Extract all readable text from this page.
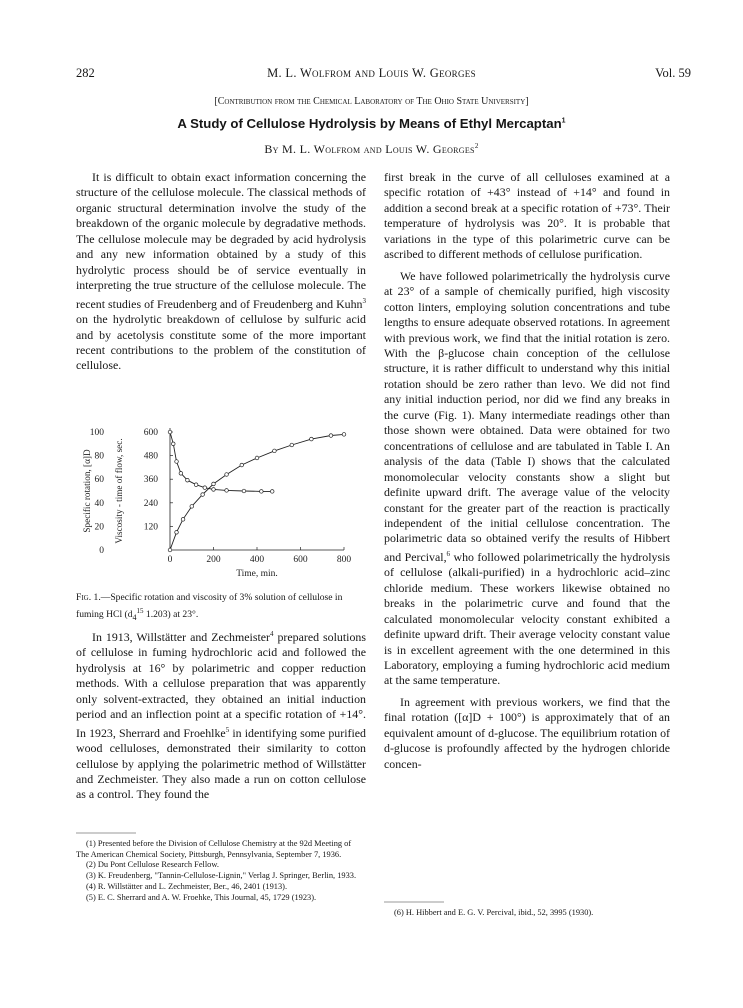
282	M. L. Wolfrom and Louis W. Georges	Vol. 59
[Contribution from the Chemical Laboratory of The Ohio State University]
A Study of Cellulose Hydrolysis by Means of Ethyl Mercaptan$^1$
By M. L. Wolfrom and Louis W. Georges$^2$

It is difficult to obtain exact information concerning the structure of the cellulose molecule. The classical methods of organic structural determination involve the study of the breakdown of the organic molecule by degradative methods. The cellulose molecule may be degraded by acid hydrolysis and any new information obtained by a study of this hydrolytic process should be of service eventually in interpreting the true structure of the cellulose molecule. The recent studies of Freudenberg and of Freudenberg and Kuhn$^3$ on the hydrolytic breakdown of cellulose by sulfuric acid and by acetolysis constitute some of the more important recent contributions to the problem of the constitution of cellulose.

0	200	400	600	800
100
80
60
40
20
0
600
480
360
240
120
Time, min.
Specific rotation, [α]D Viscosity - time of flow, sec.
Fig. 1.—Specific rotation and viscosity of 3% solution of cellulose in fuming HCl ($d_4^{15}$ 1.203) at 23°.

In 1913, Willstätter and Zechmeister$^4$ prepared solutions of cellulose in fuming hydrochloric acid and followed the hydrolysis at 16° by polarimetric and copper reduction methods. With a cellulose preparation that was apparently only solvent-extracted, they obtained an initial induction period and an inflection point at a specific rotation of +14°. In 1923, Sherrard and Froehlke$^5$ in identifying some purified wood celluloses, demonstrated their similarity to cotton cellulose by applying the polarimetric method of Willstätter and Zechmeister. They also made a run on cotton cellulose as a control. They found the

(1) Presented before the Division of Cellulose Chemistry at the 92d Meeting of The American Chemical Society, Pittsburgh, Pennsylvania, September 7, 1936.

(2) Du Pont Cellulose Research Fellow.

(3) K. Freudenberg, "Tannin-Cellulose-Lignin," Verlag J. Springer, Berlin, 1933.

(4) R. Willstätter and L. Zechmeister, Ber., 46, 2401 (1913).

(5) E. C. Sherrard and A. W. Froehke, This Journal, 45, 1729 (1923).

first break in the curve of all celluloses examined at a specific rotation of +43° instead of +14° and found in addition a second break at a specific rotation of +73°. Their temperature of hydrolysis was 20°. It is probable that variations in the type of this polarimetric curve can be ascribed to different methods of cellulose purification.

We have followed polarimetrically the hydrolysis curve at 23° of a sample of chemically purified, high viscosity cotton linters, employing solution concentrations and tube lengths to ensure adequate observed rotations. In agreement with previous work, we find that the initial rotation is zero. With the β-glucose chain conception of the cellulose structure, it is rather difficult to understand why this initial rotation should be zero rather than levo. We did not find any initial induction period, nor did we find any breaks in the curve (Fig. 1). Many intermediate readings other than those shown were obtained. Data were obtained for two concentrations of cellulose and are tabulated in Table I. An analysis of the data (Table I) shows that the calculated monomolecular velocity constants show a slight but definite upward drift. The average value of the velocity constant for the greater part of the reaction is practically independent of the initial cellulose concentration. The polarimetric data so obtained verify the results of Hibbert and Percival,$^6$ who followed polarimetrically the hydrolysis of cellulose (alkali-purified) in a hydrochloric acid–zinc chloride medium. These workers likewise obtained no breaks in the polarimetric curve and found that the calculated monomolecular velocity constant exhibited a definite upward drift. Their average velocity constant value is in excellent agreement with the one determined in this Laboratory, employing a fuming hydrochloric acid medium at the same temperature.

In agreement with previous workers, we find that the final rotation ([α]D + 100°) is approximately that of an equivalent amount of d-glucose. The equilibrium rotation of d-glucose is profoundly affected by the hydrogen chloride concen-

(6) H. Hibbert and E. G. V. Percival, ibid., 52, 3995 (1930).
